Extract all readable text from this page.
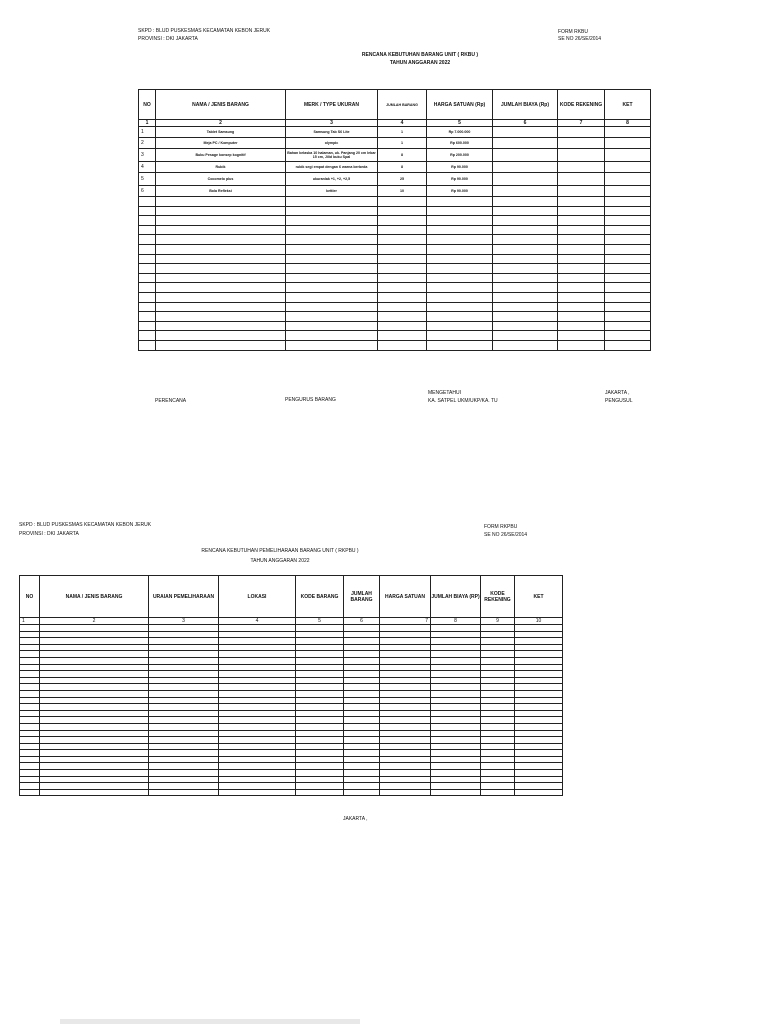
SKPD : BLUD PUSKESMAS KECAMATAN KEBON JERUK
PROVINSI : DKI JAKARTA
FORM RKBU
SE NO 26/SE/2014
RENCANA KEBUTUHAN BARANG UNIT ( RKBU )
TAHUN ANGGARAN 2022
NO	NAMA / JENIS BARANG	MERK / TYPE UKURAN	JUMLAH BARANG	HARGA SATUAN (Rp)	JUMLAH BIAYA (Rp)	KODE REKENING	KET
1	2	3	4	5	6	7	8
1	Tablet Samsung	Samsung Tab S6 Lite	1	Rp 7.000.000			
2	Meja PC / Komputer	olympic	1	Rp 600.000			
3	Buku Pesage konsep kognitif	Bahan kelaska 10 halaman, uk. Panjang 20 cm lebar 15 cm, Jilid buku Spal	8	Rp 200.000			
4	Rubik	rubik segi empat dengan 6 warna berbeda	8	Rp 90.000			
5	Cocomelo plus	ukuranlak +1, +2, +2,5	25	Rp 90.000			
6	Bola Refleksi	kettler	10	Rp 90.000			

PERENCANA	PENGURUS BARANG
MENGETAHUI
KA. SATPEL UKM/UKP/KA. TU
JAKARTA ,
PENGUSUL
SKPD : BLUD PUSKESMAS KECAMATAN KEBON JERUK
PROVINSI : DKI JAKARTA
FORM RKPBU
SE NO 26/SE/2014
RENCANA KEBUTUHAN PEMELIHARAAN BARANG UNIT ( RKPBU )
TAHUN ANGGARAN 2022
NO	NAMA / JENIS BARANG	URAIAN PEMELIHARAAN	LOKASI	KODE BARANG	JUMLAH BARANG	HARGA SATUAN	JUMLAH BIAYA (RP)	KODE REKENING	KET
1	2	3	4	5	6	7	8	9	10

JAKARTA ,
